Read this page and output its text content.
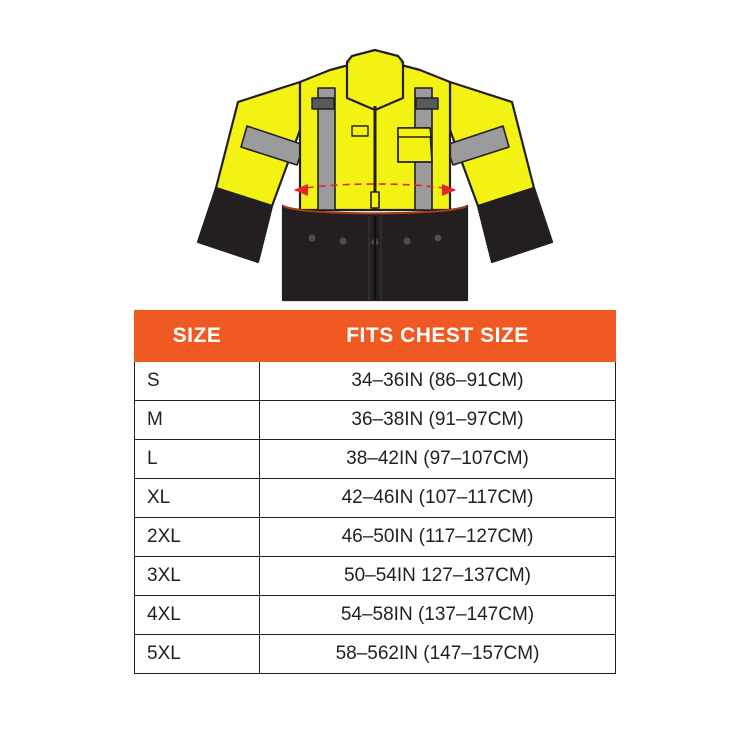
SIZE	FITS CHEST SIZE
S	34–36IN (86–91CM)
M	36–38IN (91–97CM)
L	38–42IN (97–107CM)
XL	42–46IN (107–117CM)
2XL	46–50IN (117–127CM)
3XL	50–54IN 127–137CM)
4XL	54–58IN (137–147CM)
5XL	58–562IN (147–157CM)
